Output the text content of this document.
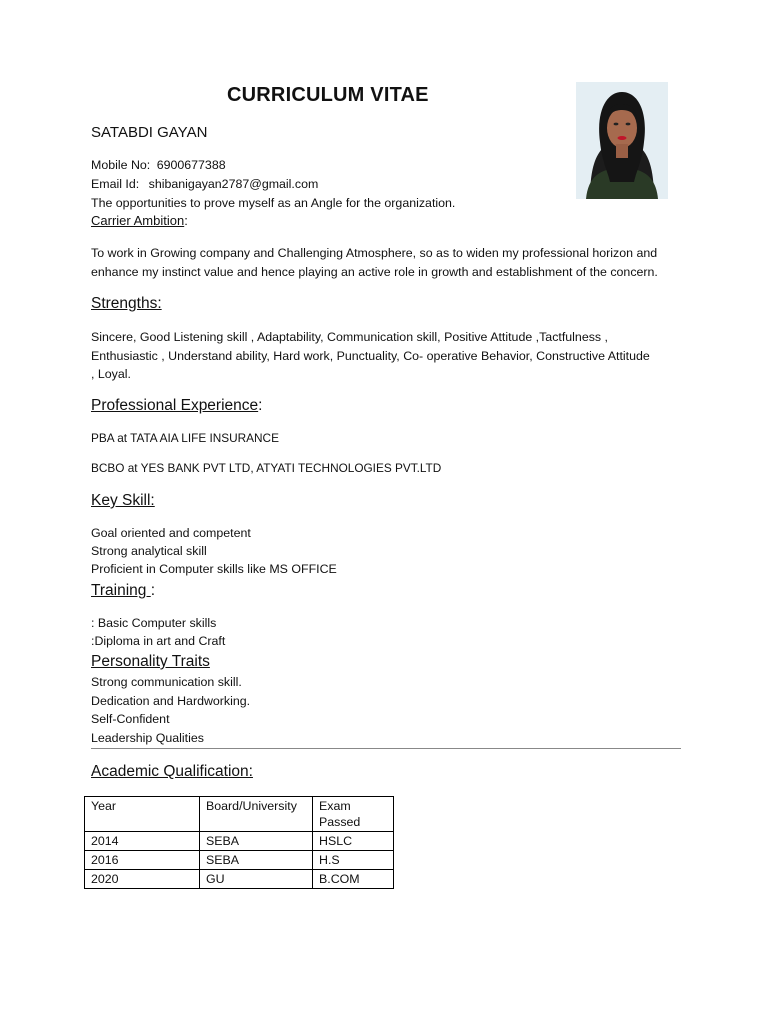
CURRICULUM VITAE
SATABDI GAYAN
Mobile No: 6900677388
Email Id: shibanigayan2787@gmail.com
The opportunities to prove myself as an Angle for the organization.
Carrier Ambition:
To work in Growing company and Challenging Atmosphere, so as to widen my professional horizon and enhance my instinct value and hence playing an active role in growth and establishment of the concern.
Strengths:
Sincere, Good Listening skill , Adaptability, Communication skill, Positive Attitude ,Tactfulness , Enthusiastic , Understand ability, Hard work, Punctuality, Co- operative Behavior, Constructive Attitude , Loyal.
Professional Experience:
PBA at TATA AIA LIFE INSURANCE
BCBO at YES BANK PVT LTD, ATYATI TECHNOLOGIES PVT.LTD
Key Skill:
Goal oriented and competent
Strong analytical skill
Proficient in Computer skills like MS OFFICE
Training :
: Basic Computer skills
:Diploma in art and Craft
Personality Traits
Strong communication skill.
Dedication and Hardworking.
Self-Confident
Leadership Qualities
Academic Qualification:
Year	Board/University	Exam Passed
2014	SEBA	HSLC
2016	SEBA	H.S
2020	GU	B.COM
